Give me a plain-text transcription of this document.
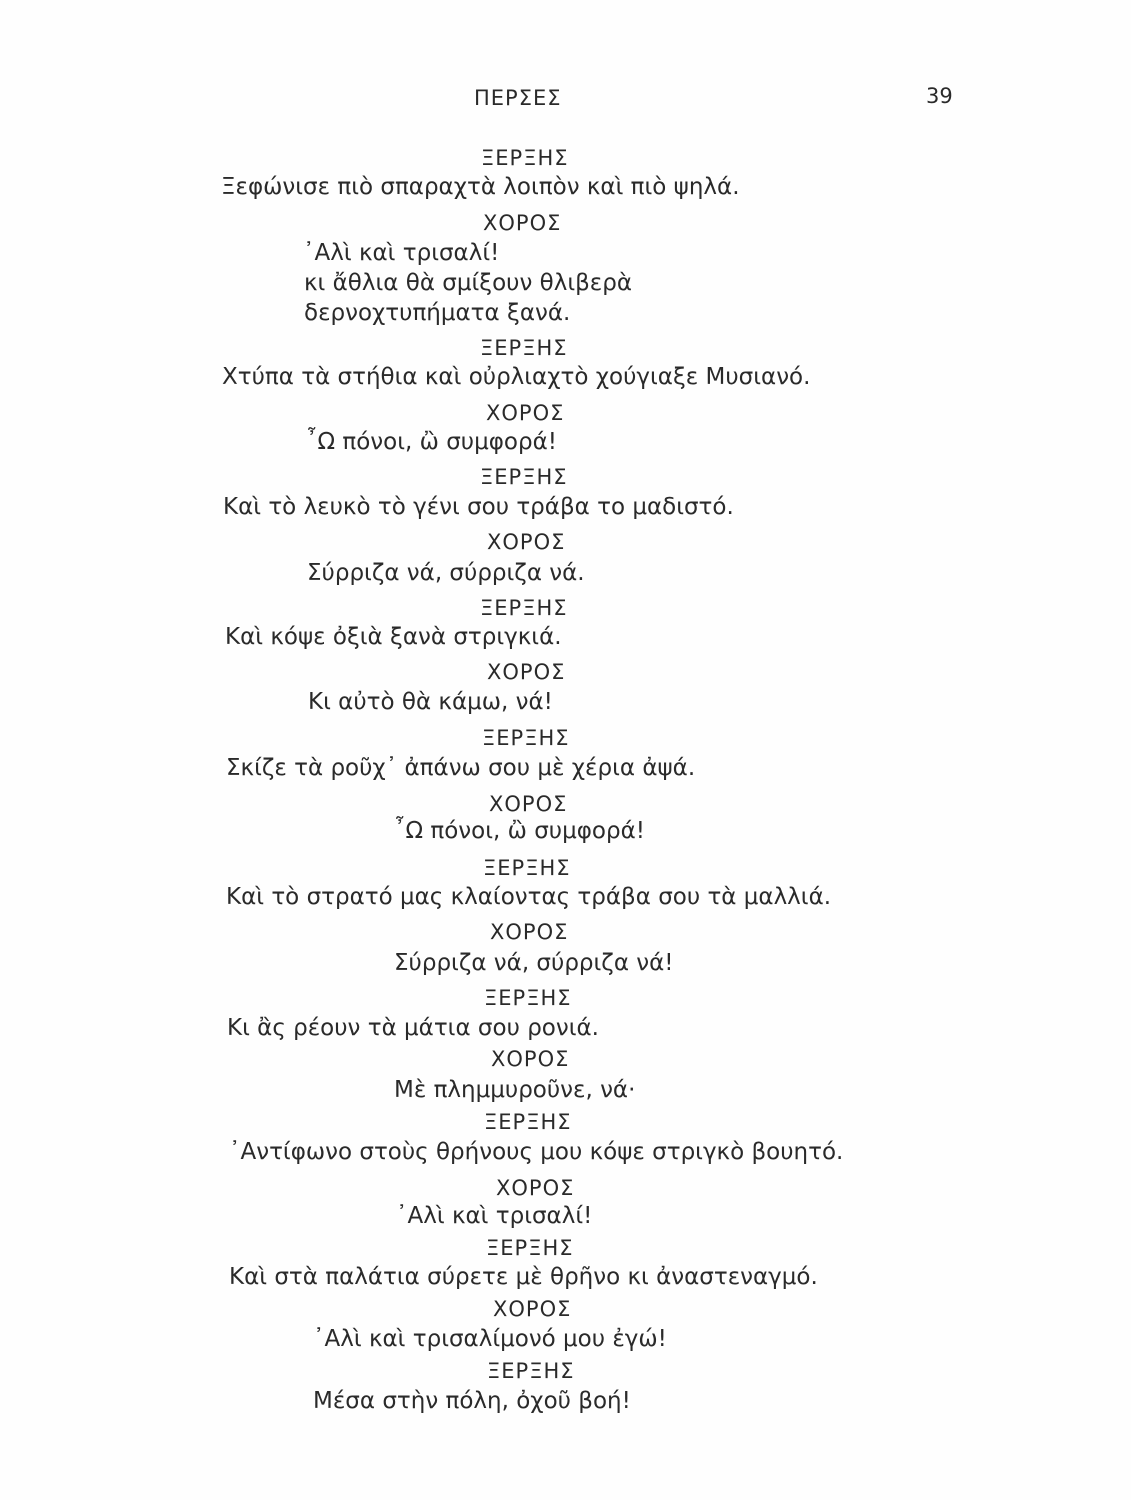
ΠΕΡΣΕΣ	39
ΞΕΡΞΗΣ
Ξεφώνισε πιὸ σπαραχτὰ λοιπὸν καὶ πιὸ ψηλά.
ΧΟΡΟΣ
᾿Αλὶ καὶ τρισαλί!
κι ἄθλια θὰ σμίξουν θλιβερὰ
δερνοχτυπήματα ξανά.
ΞΕΡΞΗΣ
Χτύπα τὰ στήθια καὶ οὐρλιαχτὸ χούγιαξε Μυσιανό.
ΧΟΡΟΣ
῏Ω πόνοι, ὢ συμφορά!
ΞΕΡΞΗΣ
Καὶ τὸ λευκὸ τὸ γένι σου τράβα το μαδιστό.
ΧΟΡΟΣ
Σύρριζα νά, σύρριζα νά.
ΞΕΡΞΗΣ
Καὶ κόψε ὀξιὰ ξανὰ στριγκιά.
ΧΟΡΟΣ
Κι αὐτὸ θὰ κάμω, νά!
ΞΕΡΞΗΣ
Σκίζε τὰ ροῦχ᾿ ἀπάνω σου μὲ χέρια ἀψά.
ΧΟΡΟΣ
῏Ω πόνοι, ὢ συμφορά!
ΞΕΡΞΗΣ
Καὶ τὸ στρατό μας κλαίοντας τράβα σου τὰ μαλλιά.
ΧΟΡΟΣ
Σύρριζα νά, σύρριζα νά!
ΞΕΡΞΗΣ
Κι ἂς ρέουν τὰ μάτια σου ρονιά.
ΧΟΡΟΣ
Μὲ πλημμυροῦνε, νά·
ΞΕΡΞΗΣ
᾿Αντίφωνο στοὺς θρήνους μου κόψε στριγκὸ βουητό.
ΧΟΡΟΣ
᾿Αλὶ καὶ τρισαλί!
ΞΕΡΞΗΣ
Καὶ στὰ παλάτια σύρετε μὲ θρῆνο κι ἀναστεναγμό.
ΧΟΡΟΣ
᾿Αλὶ καὶ τρισαλίμονό μου ἐγώ!
ΞΕΡΞΗΣ
Μέσα στὴν πόλη, ὀχοῦ βοή!
